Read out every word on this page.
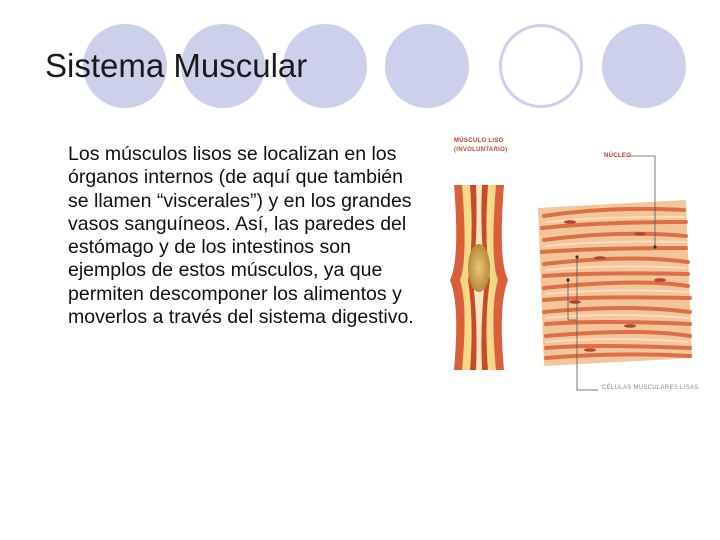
Sistema Muscular

Los músculos lisos se localizan en los órganos internos (de aquí que también se llamen “viscerales”) y en los grandes vasos sanguíneos. Así, las paredes del estómago y de los intestinos son ejemplos de estos músculos, ya que permiten descomponer los alimentos y moverlos a través del sistema digestivo.

MÚSCULO LISO
(INVOLUNTARIO)
NÚCLEO
CÉLULAS MUSCULARES LISAS
